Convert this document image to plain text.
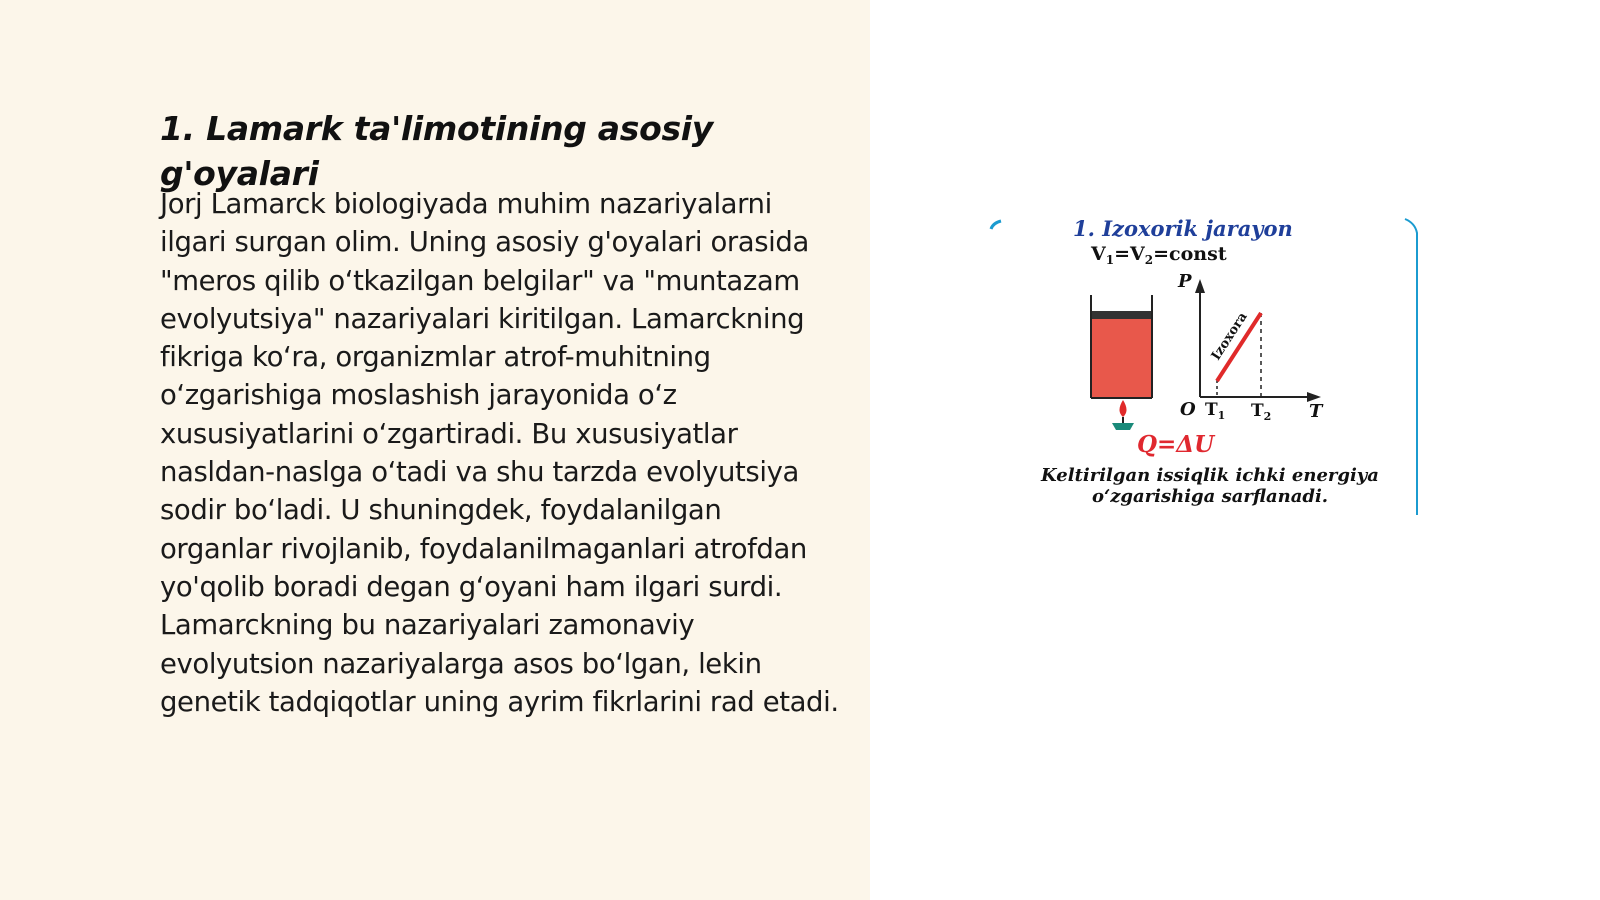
1. Lamark ta'limotining asosiy g'oyalari

Jorj Lamarck biologiyada muhim nazariyalarni ilgari surgan olim. Uning asosiy g'oyalari orasida "meros qilib o‘tkazilgan belgilar" va "muntazam evolyutsiya" nazariyalari kiritilgan. Lamarckning fikriga ko‘ra, organizmlar atrof-muhitning o‘zgarishiga moslashish jarayonida o‘z xususiyatlarini o‘zgartiradi. Bu xususiyatlar nasldan-naslga o‘tadi va shu tarzda evolyutsiya sodir bo‘ladi. U shuningdek, foydalanilgan organlar rivojlanib, foydalanilmaganlari atrofdan yo'qolib boradi degan g‘oyani ham ilgari surdi. Lamarckning bu nazariyalari zamonaviy evolyutsion nazariyalarga asos bo‘lgan, lekin genetik tadqiqotlar uning ayrim fikrlarini rad etadi.

1. Izoxorik jarayon
$V_1=V_2=const$
P
T
O $T_1$ $T_2$
Izoxora
Q=ΔU
Keltirilgan issiqlik ichki energiya
o‘zgarishiga sarflanadi.
